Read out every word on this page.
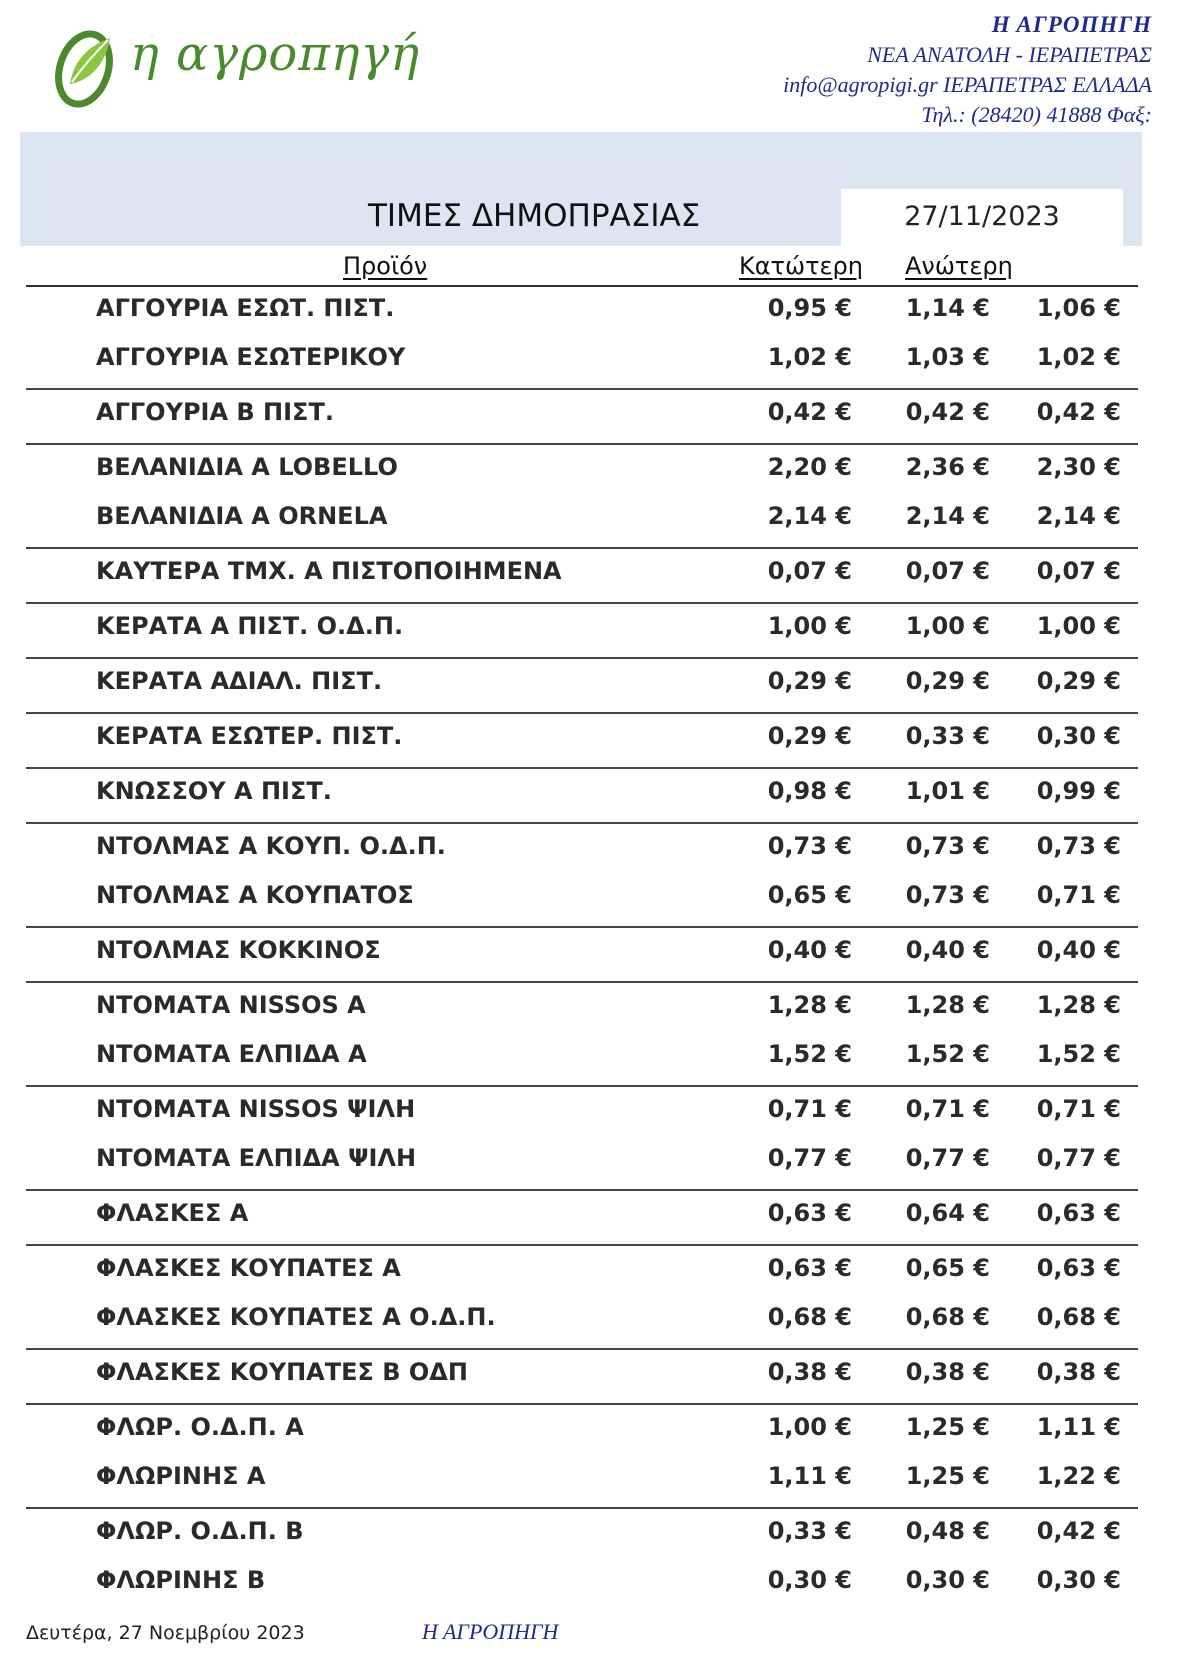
η αγροπηγή
Η ΑΓΡΟΠΗΓΗ
ΝΕΑ ΑΝΑΤΟΛΗ - ΙΕΡΑΠΕΤΡΑΣ
info@agropigi.gr ΙΕΡΑΠΕΤΡΑΣ ΕΛΛΑΔΑ
Τηλ.: (28420) 41888 Φαξ:
ΤΙΜΕΣ ΔΗΜΟΠΡΑΣΙΑΣ	27/11/2023
Προϊόν	Κατώτερη Ανώτερη
ΑΓΓΟΥΡΙΑ ΕΣΩΤ. ΠΙΣΤ.	0,95 €	1,14 €	1,06 €
ΑΓΓΟΥΡΙΑ ΕΣΩΤΕΡΙΚΟΥ	1,02 €	1,03 €	1,02 €
ΑΓΓΟΥΡΙΑ Β ΠΙΣΤ.	0,42 €	0,42 €	0,42 €
ΒΕΛΑΝΙΔΙΑ Α LOBELLO	2,20 €	2,36 €	2,30 €
ΒΕΛΑΝΙΔΙΑ Α ORNELA	2,14 €	2,14 €	2,14 €
ΚΑΥΤΕΡΑ ΤΜΧ. Α ΠΙΣΤΟΠΟΙΗΜΕΝΑ	0,07 €	0,07 €	0,07 €
ΚΕΡΑΤΑ Α ΠΙΣΤ. Ο.Δ.Π.	1,00 €	1,00 €	1,00 €
ΚΕΡΑΤΑ ΑΔΙΑΛ. ΠΙΣΤ.	0,29 €	0,29 €	0,29 €
ΚΕΡΑΤΑ ΕΣΩΤΕΡ. ΠΙΣΤ.	0,29 €	0,33 €	0,30 €
ΚΝΩΣΣΟΥ Α ΠΙΣΤ.	0,98 €	1,01 €	0,99 €
ΝΤΟΛΜΑΣ Α ΚΟΥΠ. Ο.Δ.Π.	0,73 €	0,73 €	0,73 €
ΝΤΟΛΜΑΣ Α ΚΟΥΠΑΤΟΣ	0,65 €	0,73 €	0,71 €
ΝΤΟΛΜΑΣ ΚΟΚΚΙΝΟΣ	0,40 €	0,40 €	0,40 €
ΝΤΟΜΑΤΑ NISSOS Α	1,28 €	1,28 €	1,28 €
ΝΤΟΜΑΤΑ ΕΛΠΙΔΑ Α	1,52 €	1,52 €	1,52 €
ΝΤΟΜΑΤΑ NISSOS ΨΙΛΗ	0,71 €	0,71 €	0,71 €
ΝΤΟΜΑΤΑ ΕΛΠΙΔΑ ΨΙΛΗ	0,77 €	0,77 €	0,77 €
ΦΛΑΣΚΕΣ Α	0,63 €	0,64 €	0,63 €
ΦΛΑΣΚΕΣ ΚΟΥΠΑΤΕΣ Α	0,63 €	0,65 €	0,63 €
ΦΛΑΣΚΕΣ ΚΟΥΠΑΤΕΣ Α Ο.Δ.Π.	0,68 €	0,68 €	0,68 €
ΦΛΑΣΚΕΣ ΚΟΥΠΑΤΕΣ Β ΟΔΠ	0,38 €	0,38 €	0,38 €
ΦΛΩΡ. Ο.Δ.Π. Α	1,00 €	1,25 €	1,11 €
ΦΛΩΡΙΝΗΣ Α	1,11 €	1,25 €	1,22 €
ΦΛΩΡ. Ο.Δ.Π. Β	0,33 €	0,48 €	0,42 €
ΦΛΩΡΙΝΗΣ Β	0,30 €	0,30 €	0,30 €
Δευτέρα, 27 Νοεμβρίου 2023	Η ΑΓΡΟΠΗΓΗ
